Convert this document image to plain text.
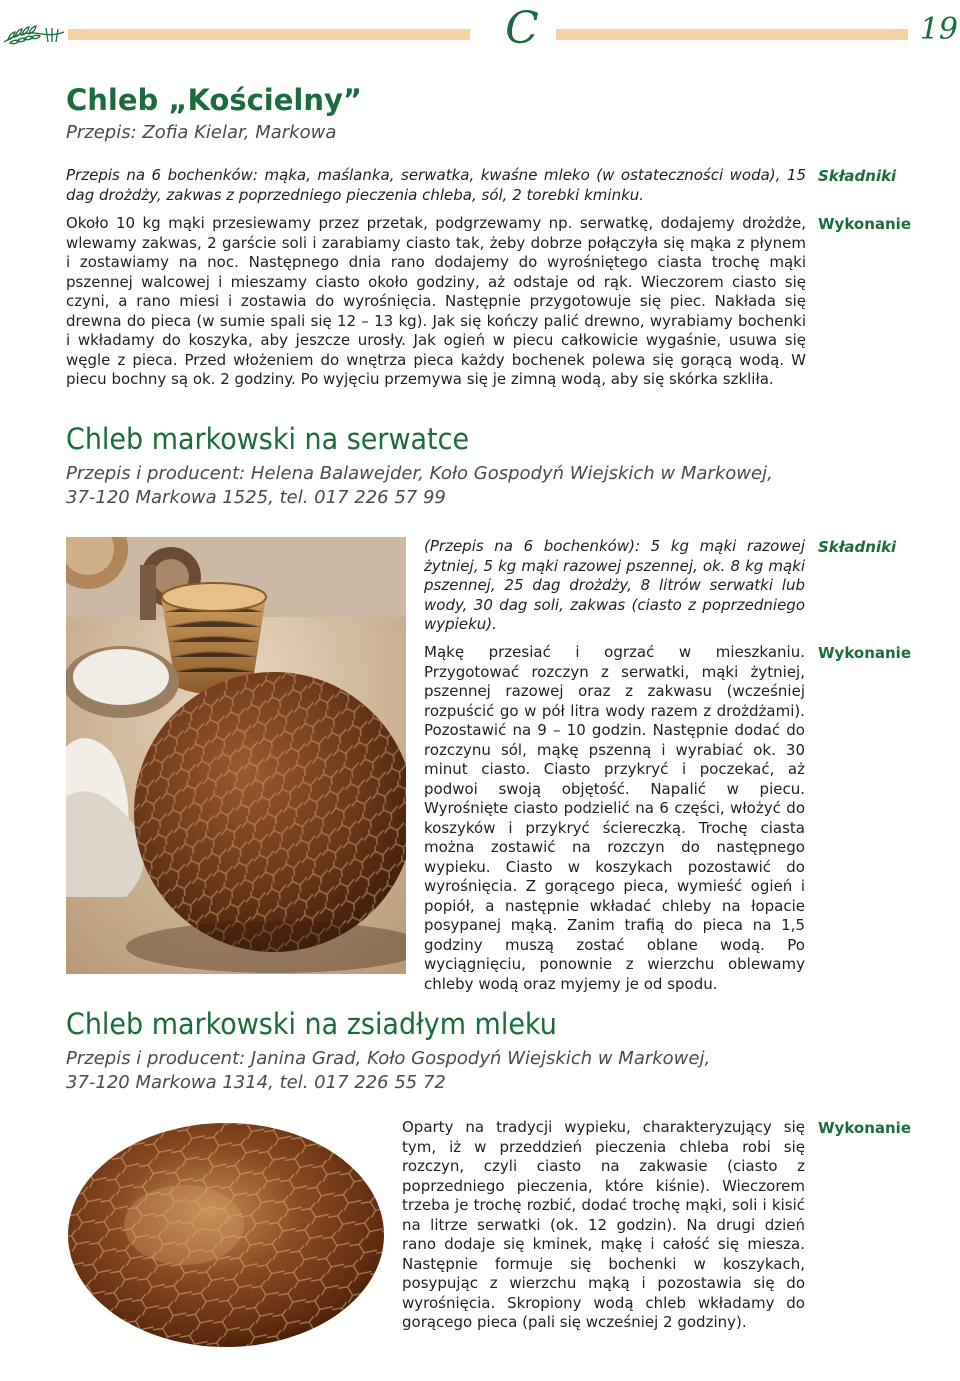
C	19
Chleb „Kościelny”

Przepis: Zofia Kielar, Markowa

Składniki

Przepis na 6 bochenków: mąka, maślanka, serwatka, kwaśne mleko (w ostateczności woda), 15 dag drożdży, zakwas z poprzedniego pieczenia chleba, sól, 2 torebki kminku.

Wykonanie

Około 10 kg mąki przesiewamy przez przetak, podgrzewamy np. serwatkę, dodajemy drożdże, wlewamy zakwas, 2 garście soli i zarabiamy ciasto tak, żeby dobrze połączyła się mąka z płynem i zostawiamy na noc. Następnego dnia rano dodajemy do wyrośniętego ciasta trochę mąki pszennej walcowej i mieszamy ciasto około godziny, aż odstaje od rąk. Wieczorem ciasto się czyni, a rano miesi i zostawia do wyrośnięcia. Następnie przygotowuje się piec. Nakłada się drewna do pieca (w sumie spali się 12 – 13 kg). Jak się kończy palić drewno, wyrabiamy bochenki i wkładamy do koszyka, aby jeszcze urosły. Jak ogień w piecu całkowicie wygaśnie, usuwa się węgle z pieca. Przed włożeniem do wnętrza pieca każdy bochenek polewa się gorącą wodą. W piecu bochny są ok. 2 godziny. Po wyjęciu przemywa się je zimną wodą, aby się skórka szkliła.

Chleb markowski na serwatce

Przepis i producent: Helena Balawejder, Koło Gospodyń Wiejskich w Markowej,

37-120 Markowa 1525, tel. 017 226 57 99

Składniki

(Przepis na 6 bochenków): 5 kg mąki razowej żytniej, 5 kg mąki razowej pszennej, ok. 8 kg mąki pszennej, 25 dag drożdży, 8 litrów serwatki lub wody, 30 dag soli, zakwas (ciasto z poprzedniego wypieku).

Wykonanie

Mąkę przesiać i ogrzać w mieszkaniu. Przygotować rozczyn z serwatki, mąki żytniej, pszennej razowej oraz z zakwasu (wcześniej rozpuścić go w pół litra wody razem z drożdżami). Pozostawić na 9 – 10 godzin. Następnie dodać do rozczynu sól, mąkę pszenną i wyrabiać ok. 30 minut ciasto. Ciasto przykryć i poczekać, aż podwoi swoją objętość. Napalić w piecu. Wyrośnięte ciasto podzielić na 6 części, włożyć do koszyków i przykryć ściereczką. Trochę ciasta można zostawić na rozczyn do następnego wypieku. Ciasto w koszykach pozostawić do wyrośnięcia. Z gorącego pieca, wymieść ogień i popiół, a następnie wkładać chleby na łopacie posypanej mąką. Zanim trafią do pieca na 1,5 godziny muszą zostać oblane wodą. Po wyciągnięciu, ponownie z wierzchu oblewamy chleby wodą oraz myjemy je od spodu.

Chleb markowski na zsiadłym mleku

Przepis i producent: Janina Grad, Koło Gospodyń Wiejskich w Markowej,

37-120 Markowa 1314, tel. 017 226 55 72

Wykonanie

Oparty na tradycji wypieku, charakteryzujący się tym, iż w przeddzień pieczenia chleba robi się rozczyn, czyli ciasto na zakwasie (ciasto z poprzedniego pieczenia, które kiśnie). Wieczorem trzeba je trochę rozbić, dodać trochę mąki, soli i kisić na litrze serwatki (ok. 12 godzin). Na drugi dzień rano dodaje się kminek, mąkę i całość się miesza. Następnie formuje się bochenki w koszykach, posypując z wierzchu mąką i pozostawia się do wyrośnięcia. Skropiony wodą chleb wkładamy do gorącego pieca (pali się wcześniej 2 godziny).
